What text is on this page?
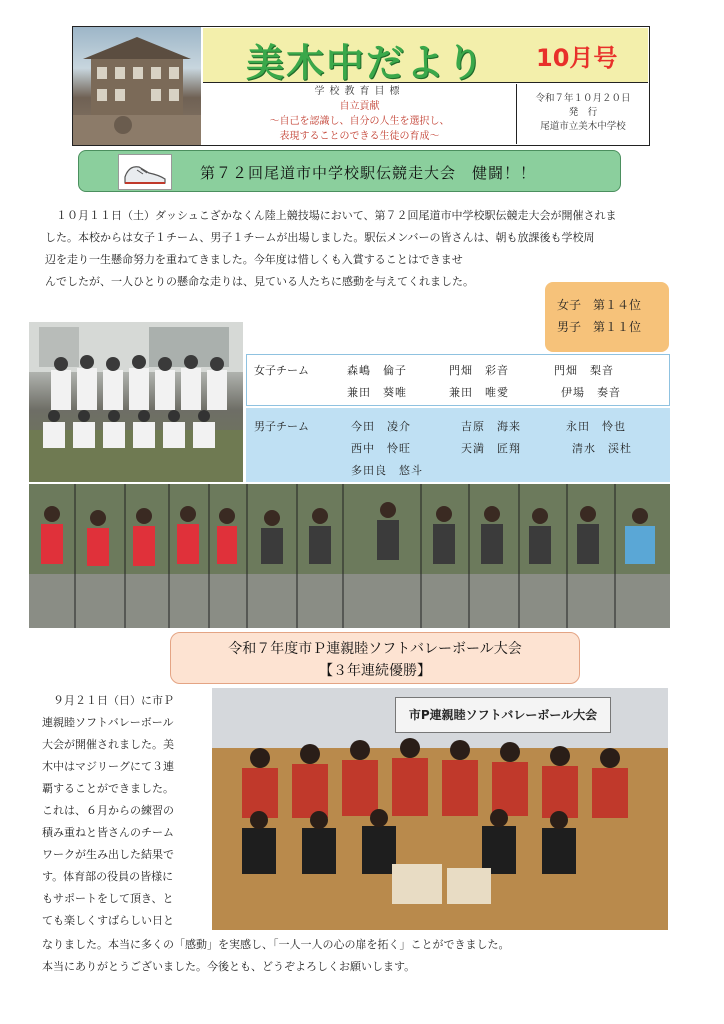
美木中だより 10月号
学校教育目標
自立貢献
〜自己を認識し、自分の人生を選択し、
表現することのできる生徒の育成〜
令和７年１０月２０日
発　行
尾道市立美木中学校
第７２回尾道市中学校駅伝競走大会　健闘！！
　１０月１１日（土）ダッシュこざかなくん陸上競技場において、第７２回尾道市中学校駅伝競走大会が開催されま
した。本校からは女子１チーム、男子１チームが出場しました。駅伝メンバーの皆さんは、朝も放課後も学校周
辺を走り一生懸命努力を重ねてきました。今年度は惜しくも入賞することはできませ
んでしたが、一人ひとりの懸命な走りは、見ている人たちに感動を与えてくれました。
女子　第１４位
男子　第１１位
女子チーム	森嶋　倫子	門畑　彩音	門畑　梨音
兼田　葵唯	兼田　唯愛	伊場　奏音
男子チーム	今田　凌介	吉原　海来	永田　怜也
西中　怜旺	天満　匠翔	清水　渓杜
多田良　悠斗
令和７年度市Ｐ連親睦ソフトバレーボール大会
【３年連続優勝】
　９月２１日（日）に市Ｐ
連親睦ソフトバレーボール
大会が開催されました。美
木中はマジリーグにて３連
覇することができました。
これは、６月からの練習の
積み重ねと皆さんのチーム
ワークが生み出した結果で
す。体育部の役員の皆様に
もサポートをして頂き、と
ても楽しくすばらしい日と
市P連親睦ソフトバレーボール大会
なりました。本当に多くの「感動」を実感し、「一人一人の心の扉を拓く」ことができました。
本当にありがとうございました。今後とも、どうぞよろしくお願いします。
